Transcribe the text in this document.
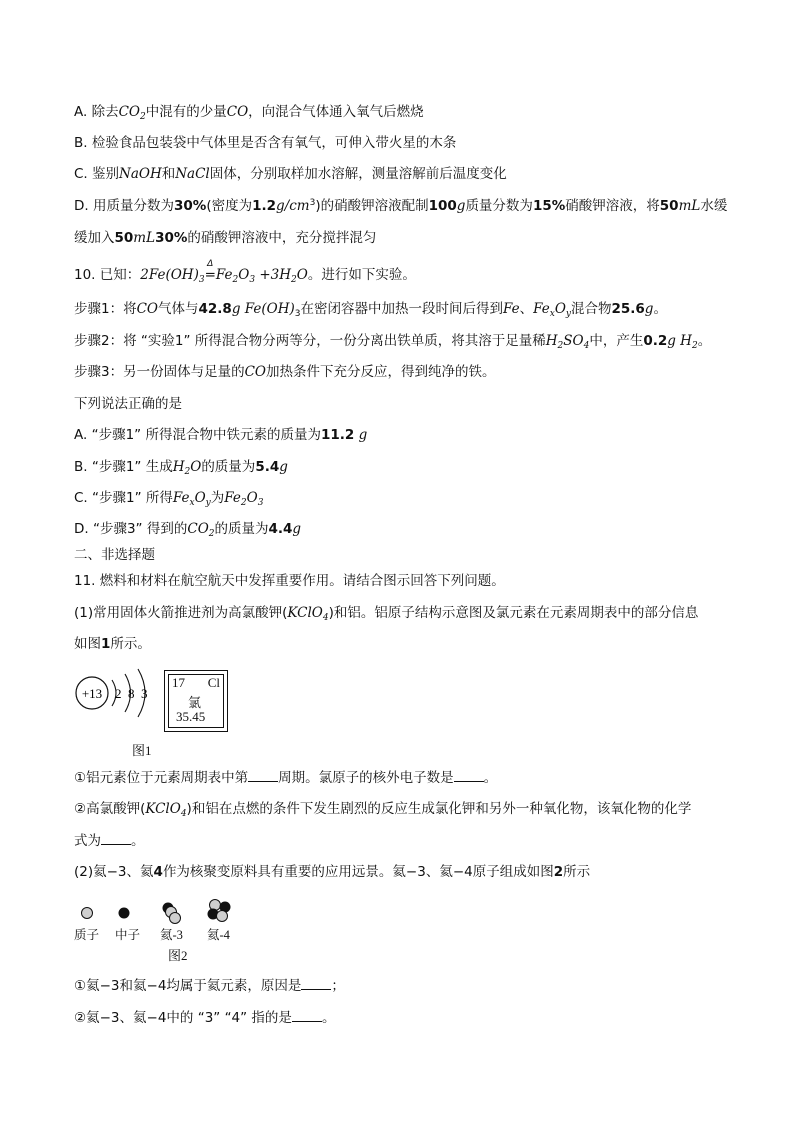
A. 除去$CO_2$中混有的少量CO，向混合气体通入氧气后燃烧
B. 检验食品包装袋中气体里是否含有氧气，可伸入带火星的木条
C. 鉴别NaOH和NaCl固体，分别取样加水溶解，测量溶解前后温度变化
D. 用质量分数为30%(密度为$1.2g/cm^3$)的硝酸钾溶液配制100g质量分数为15%硝酸钾溶液，将50mL水缓
缓加入50mL30%的硝酸钾溶液中，充分搅拌混匀
10. 已知：$2Fe(OH)_3$
Δ
$=Fe_2O_3 +3H_2O$。进行如下实验。
步骤1：将CO气体与42.8g $Fe(OH)_3$在密闭容器中加热一段时间后得到Fe、$Fe_xO_y$混合物25.6g。
步骤2：将 “实验1” 所得混合物分两等分，一份分离出铁单质，将其溶于足量稀$H_2SO_4$中，产生0.2g $H_2$。
步骤3：另一份固体与足量的CO加热条件下充分反应，得到纯净的铁。
下列说法正确的是
A. “步骤1” 所得混合物中铁元素的质量为11.2 g
B. “步骤1” 生成$H_2O$的质量为5.4g
C. “步骤1” 所得$Fe_xO_y$为$Fe_2O_3$
D. “步骤3” 得到的$CO_2$的质量为4.4g
二、非选择题
11. 燃料和材料在航空航天中发挥重要作用。请结合图示回答下列问题。
(1)常用固体火箭推进剂为高氯酸钾(KClO$_4$)和铝。铝原子结构示意图及氯元素在元素周期表中的部分信息
如图1所示。
+13 2 8 3
17 Cl
氯
35.45
图1
①铝元素位于元素周期表中第 周期。氯原子的核外电子数是 。
②高氯酸钾(KClO$_4$)和铝在点燃的条件下发生剧烈的反应生成氯化钾和另外一种氧化物，该氧化物的化学
式为 。
(2)氦−3、氦4作为核聚变原料具有重要的应用远景。氦−3、氦−4原子组成如图2所示
质子 中子 氦-3 氦-4
图2
①氦−3和氦−4均属于氦元素，原因是 ；
②氦−3、氦−4中的 “3” “4” 指的是 。
